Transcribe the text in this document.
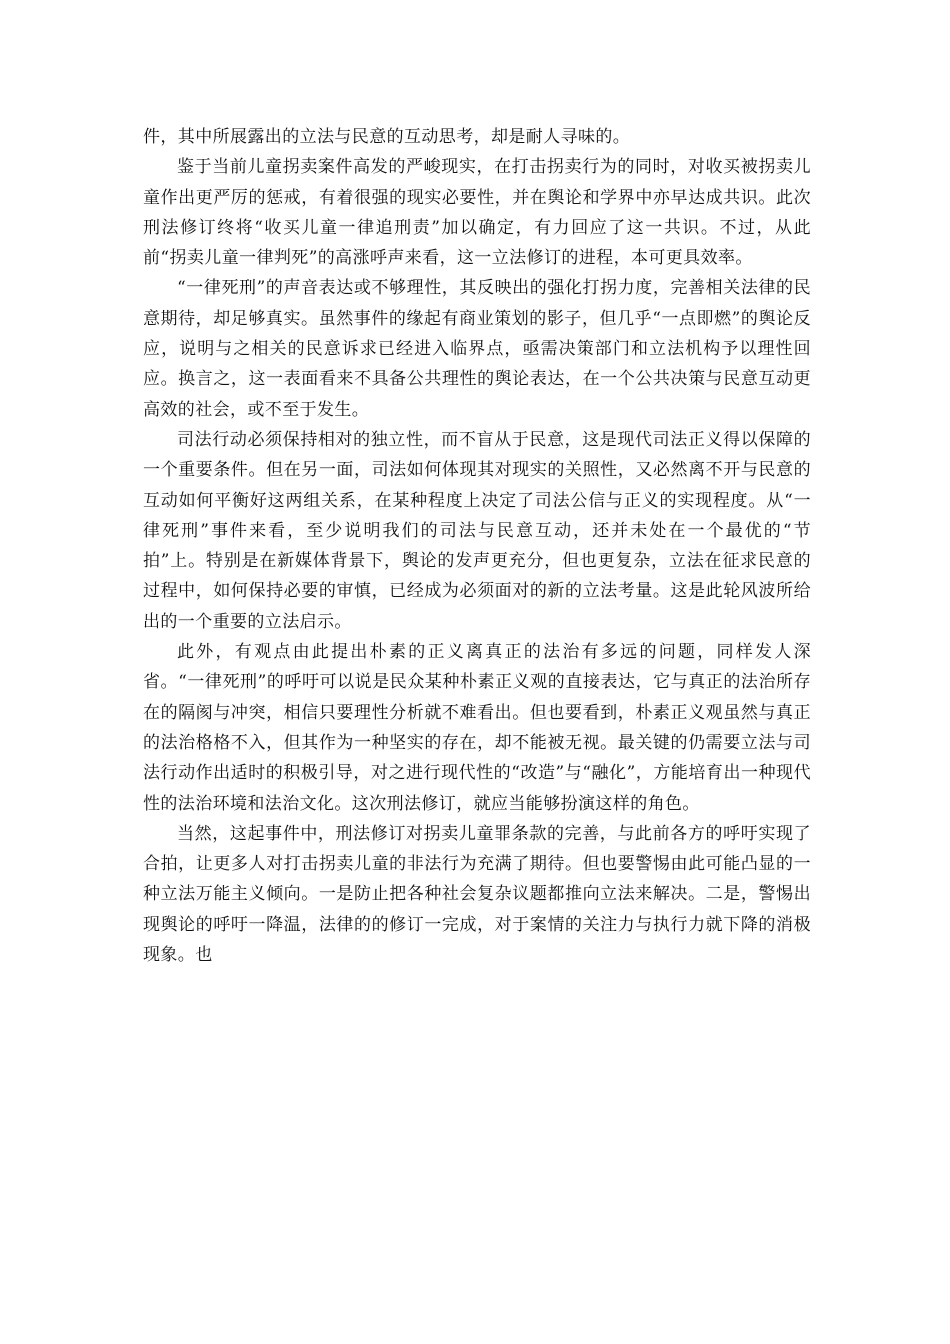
件，其中所展露出的立法与民意的互动思考，却是耐人寻味的。

鉴于当前儿童拐卖案件高发的严峻现实，在打击拐卖行为的同时，对收买被拐卖儿童作出更严厉的惩戒，有着很强的现实必要性，并在舆论和学界中亦早达成共识。此次刑法修订终将“收买儿童一律追刑责”加以确定，有力回应了这一共识。不过，从此前“拐卖儿童一律判死”的高涨呼声来看，这一立法修订的进程，本可更具效率。

“一律死刑”的声音表达或不够理性，其反映出的强化打拐力度，完善相关法律的民意期待，却足够真实。虽然事件的缘起有商业策划的影子，但几乎“一点即燃”的舆论反应，说明与之相关的民意诉求已经进入临界点，亟需决策部门和立法机构予以理性回应。换言之，这一表面看来不具备公共理性的舆论表达，在一个公共决策与民意互动更高效的社会，或不至于发生。

司法行动必须保持相对的独立性，而不盲从于民意，这是现代司法正义得以保障的一个重要条件。但在另一面，司法如何体现其对现实的关照性，又必然离不开与民意的互动如何平衡好这两组关系，在某种程度上决定了司法公信与正义的实现程度。从“一律死刑”事件来看，至少说明我们的司法与民意互动，还并未处在一个最优的“节拍”上。特别是在新媒体背景下，舆论的发声更充分，但也更复杂，立法在征求民意的过程中，如何保持必要的审慎，已经成为必须面对的新的立法考量。这是此轮风波所给出的一个重要的立法启示。

此外，有观点由此提出朴素的正义离真正的法治有多远的问题，同样发人深省。“一律死刑”的呼吁可以说是民众某种朴素正义观的直接表达，它与真正的法治所存在的隔阂与冲突，相信只要理性分析就不难看出。但也要看到，朴素正义观虽然与真正的法治格格不入，但其作为一种坚实的存在，却不能被无视。最关键的仍需要立法与司法行动作出适时的积极引导，对之进行现代性的“改造”与“融化”，方能培育出一种现代性的法治环境和法治文化。这次刑法修订，就应当能够扮演这样的角色。

当然，这起事件中，刑法修订对拐卖儿童罪条款的完善，与此前各方的呼吁实现了合拍，让更多人对打击拐卖儿童的非法行为充满了期待。但也要警惕由此可能凸显的一种立法万能主义倾向。一是防止把各种社会复杂议题都推向立法来解决。二是，警惕出现舆论的呼吁一降温，法律的的修订一完成，对于案情的关注力与执行力就下降的消极现象。也
